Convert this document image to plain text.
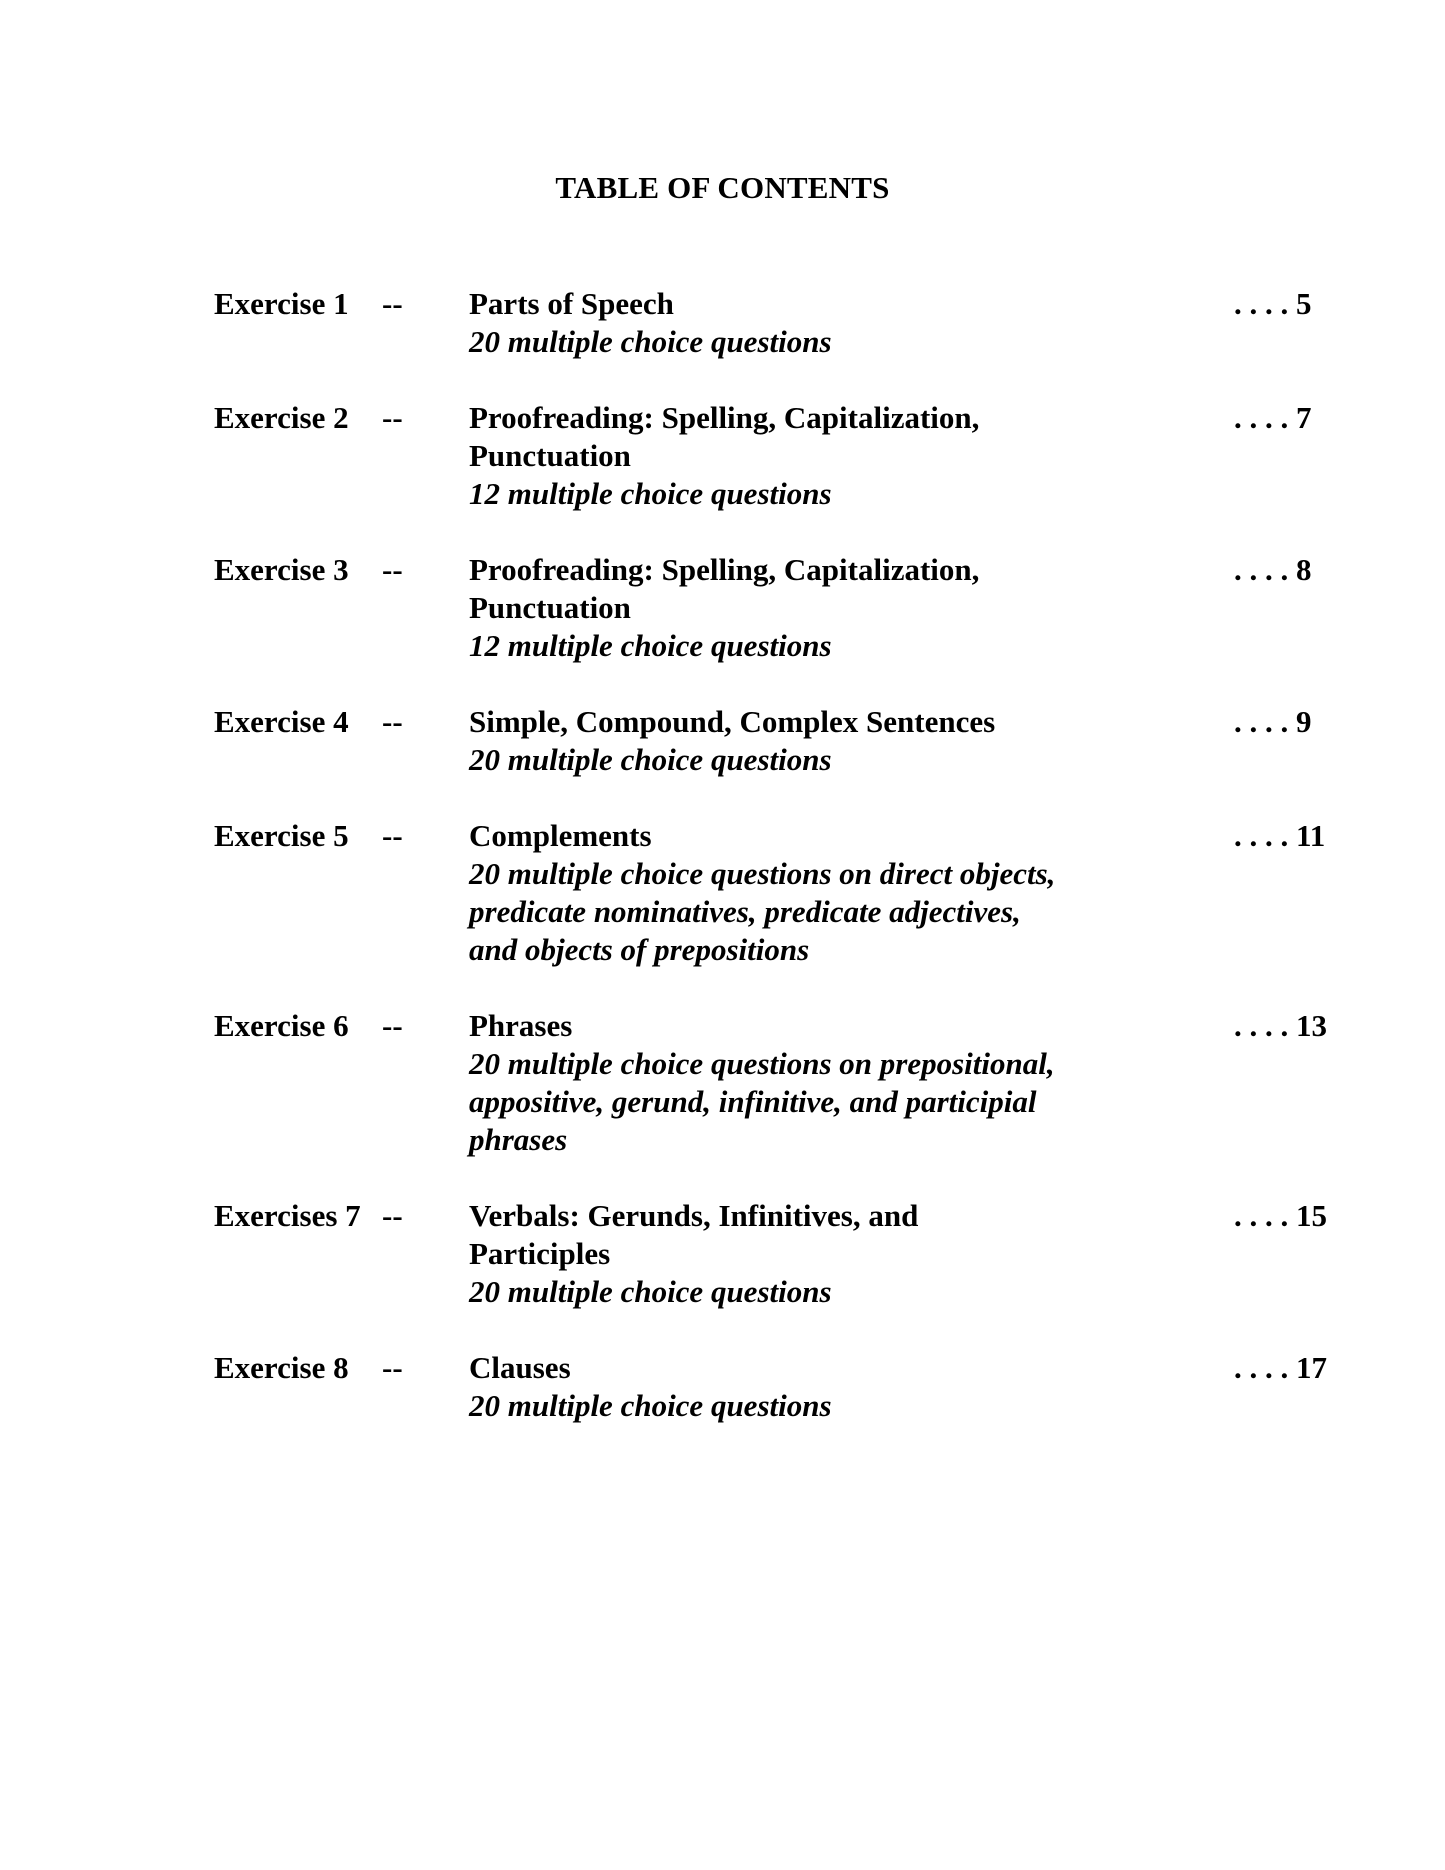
TABLE OF CONTENTS
Exercise 1	--	Parts of Speech
20 multiple choice questions
. . . . 5
Exercise 2	--	Proofreading: Spelling, Capitalization,
Punctuation
12 multiple choice questions
. . . . 7
Exercise 3	--	Proofreading: Spelling, Capitalization,
Punctuation
12 multiple choice questions
. . . . 8
Exercise 4	--	Simple, Compound, Complex Sentences
20 multiple choice questions
. . . . 9
Exercise 5	--	Complements
20 multiple choice questions on direct objects,
predicate nominatives, predicate adjectives,
and objects of prepositions
. . . . 11
Exercise 6	--	Phrases
20 multiple choice questions on prepositional,
appositive, gerund, infinitive, and participial
phrases
. . . . 13
Exercises 7 --	Verbals: Gerunds, Infinitives, and
Participles
20 multiple choice questions
. . . . 15
Exercise 8	--	Clauses
20 multiple choice questions
. . . . 17
